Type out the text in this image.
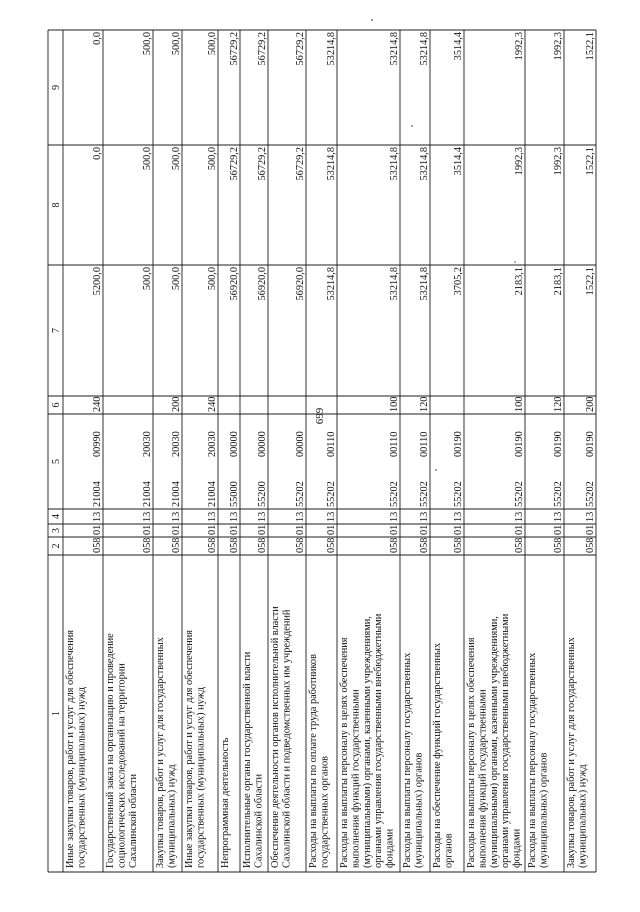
699
1
2
3
4
5
6
7
8
9
Иные закупки товаров, работ и услуг для обеспечения государственных (муниципальных) нужд
058
01
13
21004
00990
240
5200,0
0,0
0,0
Государственный заказ на организацию и проведение социологических исследований на территории Сахалинской области
058
01
13
21004
20030
500,0
500,0
500,0
Закупка товаров, работ и услуг для государственных (муниципальных) нужд
058
01
13
21004
20030
200
500,0
500,0
500,0
Иные закупки товаров, работ и услуг для обеспечения государственных (муниципальных) нужд
058
01
13
21004
20030
240
500,0
500,0
500,0
Непрограммная деятельность
058
01
13
55000
00000
56920,0
56729,2
56729,2
Исполнительные органы государственной власти Сахалинской области
058
01
13
55200
00000
56920,0
56729,2
56729,2
Обеспечение деятельности органов исполнительной власти Сахалинской области и подведомственных им учреждений
058
01
13
55202
00000
56920,0
56729,2
56729,2
Расходы на выплаты по оплате труда работников государственных органов
058
01
13
55202
00110
53214,8
53214,8
53214,8
Расходы на выплаты персоналу в целях обеспечения выполнения функций государственными (муниципальными) органами, казенными учреждениями, органами управления государственными внебюджетными фондами
058
01
13
55202
00110
100
53214,8
53214,8
53214,8
Расходы на выплаты персоналу государственных (муниципальных) органов
058
01
13
55202
00110
120
53214,8
53214,8
53214,8
Расходы на обеспечение функций государственных органов
058
01
13
55202
00190
3705,2
3514,4
3514,4
Расходы на выплаты персоналу в целях обеспечения выполнения функций государственными (муниципальными) органами, казенными учреждениями, органами управления государственными внебюджетными фондами
058
01
13
55202
00190
100
2183,1
1992,3
1992,3
Расходы на выплаты персоналу государственных (муниципальных) органов
058
01
13
55202
00190
120
2183,1
1992,3
1992,3
Закупка товаров, работ и услуг для государственных (муниципальных) нужд
058
01
13
55202
00190
200
1522,1
1522,1
1522,1
